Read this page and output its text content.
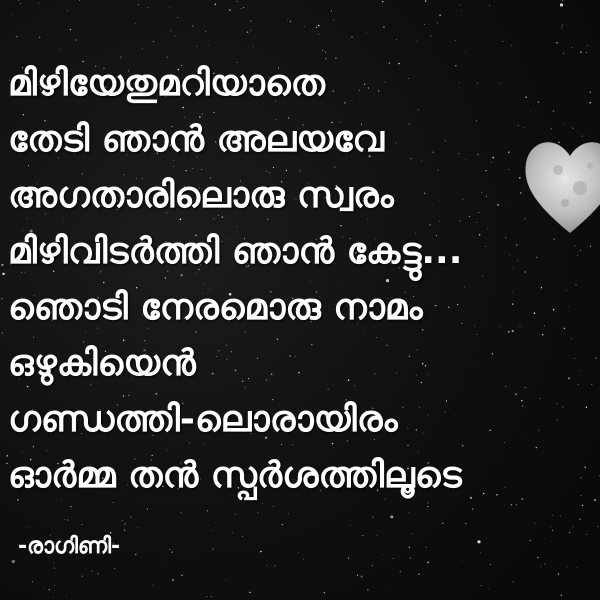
മിഴിയേതുമറിയാതെ
തേടി ഞാൻ അലയവേ
അഗതാരിലൊരു സ്വരം
മിഴിവിടർത്തി ഞാൻ കേട്ടു...
ഞൊടി നേരമൊരു നാമം
ഒഴുകിയെൻ
ഗണ്ഡത്തി-ലൊരായിരം
ഓർമ്മ തൻ സ്പർശത്തിലൂടെ
-രാഗിണി-
